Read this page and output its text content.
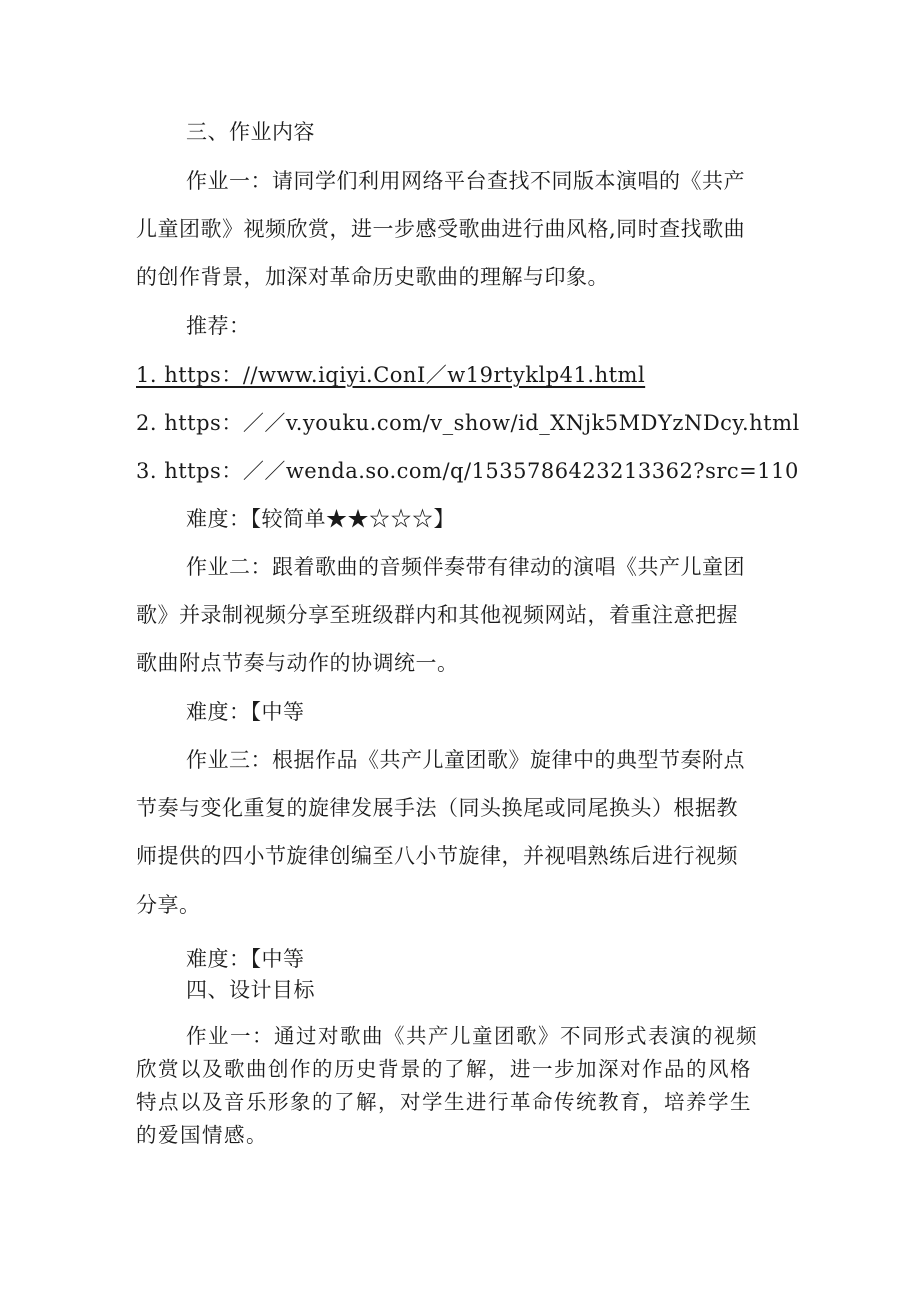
三、作业内容
作业一：请同学们利用网络平台查找不同版本演唱的《共产
儿童团歌》视频欣赏，进一步感受歌曲进行曲风格,同时查找歌曲
的创作背景，加深对革命历史歌曲的理解与印象。
推荐：
1. https：//www.iqiyi.ConI／w19rtyklp41.html
2. https：／／v.youku.com/v_show/id_XNjk5MDYzNDcy.html
3. https：／／wenda.so.com/q/1535786423213362?src=110
难度：【较简单★★☆☆☆】
作业二：跟着歌曲的音频伴奏带有律动的演唱《共产儿童团
歌》并录制视频分享至班级群内和其他视频网站，着重注意把握
歌曲附点节奏与动作的协调统一。
难度：【中等
作业三：根据作品《共产儿童团歌》旋律中的典型节奏附点
节奏与变化重复的旋律发展手法（同头换尾或同尾换头）根据教
师提供的四小节旋律创编至八小节旋律，并视唱熟练后进行视频
分享。
难度：【中等
四、设计目标
作业一：通过对歌曲《共产儿童团歌》不同形式表演的视频
欣赏以及歌曲创作的历史背景的了解，进一步加深对作品的风格
特点以及音乐形象的了解，对学生进行革命传统教育，培养学生
的爱国情感。
